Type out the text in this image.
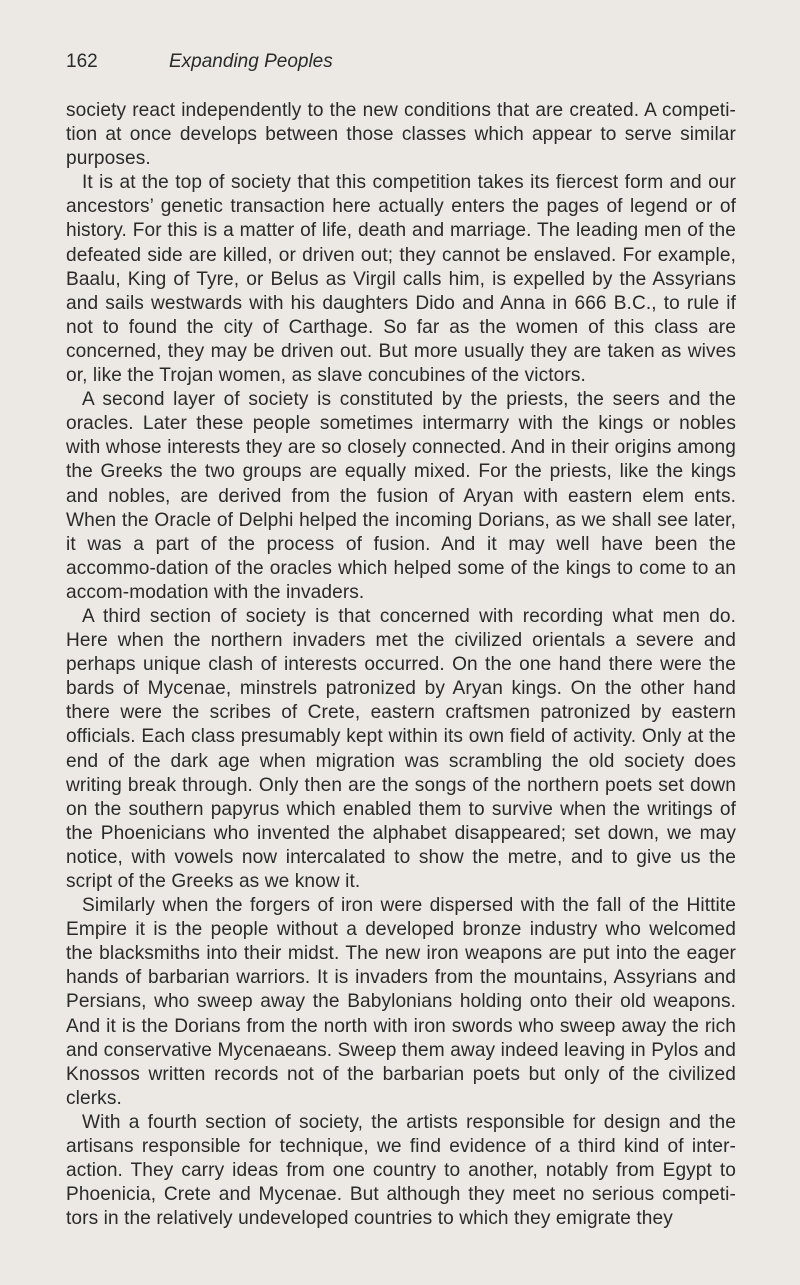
162	Expanding Peoples

society react independently to the new conditions that are created. A competi-tion at once develops between those classes which appear to serve similar purposes.

It is at the top of society that this competition takes its fiercest form and our ancestors’ genetic transaction here actually enters the pages of legend or of history. For this is a matter of life, death and marriage. The leading men of the defeated side are killed, or driven out; they cannot be enslaved. For example, Baalu, King of Tyre, or Belus as Virgil calls him, is expelled by the Assyrians and sails westwards with his daughters Dido and Anna in 666 B.C., to rule if not to found the city of Carthage. So far as the women of this class are concerned, they may be driven out. But more usually they are taken as wives or, like the Trojan women, as slave concubines of the victors.

A second layer of society is constituted by the priests, the seers and the oracles. Later these people sometimes intermarry with the kings or nobles with whose interests they are so closely connected. And in their origins among the Greeks the two groups are equally mixed. For the priests, like the kings and nobles, are derived from the fusion of Aryan with eastern elem ents. When the Oracle of Delphi helped the incoming Dorians, as we shall see later, it was a part of the process of fusion. And it may well have been the accommo-dation of the oracles which helped some of the kings to come to an accom-modation with the invaders.

A third section of society is that concerned with recording what men do. Here when the northern invaders met the civilized orientals a severe and perhaps unique clash of interests occurred. On the one hand there were the bards of Mycenae, minstrels patronized by Aryan kings. On the other hand there were the scribes of Crete, eastern craftsmen patronized by eastern officials. Each class presumably kept within its own field of activity. Only at the end of the dark age when migration was scrambling the old society does writing break through. Only then are the songs of the northern poets set down on the southern papyrus which enabled them to survive when the writings of the Phoenicians who invented the alphabet disappeared; set down, we may notice, with vowels now intercalated to show the metre, and to give us the script of the Greeks as we know it.

Similarly when the forgers of iron were dispersed with the fall of the Hittite Empire it is the people without a developed bronze industry who welcomed the blacksmiths into their midst. The new iron weapons are put into the eager hands of barbarian warriors. It is invaders from the mountains, Assyrians and Persians, who sweep away the Babylonians holding onto their old weapons. And it is the Dorians from the north with iron swords who sweep away the rich and conservative Mycenaeans. Sweep them away indeed leaving in Pylos and Knossos written records not of the barbarian poets but only of the civilized clerks.

With a fourth section of society, the artists responsible for design and the artisans responsible for technique, we find evidence of a third kind of inter-action. They carry ideas from one country to another, notably from Egypt to Phoenicia, Crete and Mycenae. But although they meet no serious competi-tors in the relatively undeveloped countries to which they emigrate they
